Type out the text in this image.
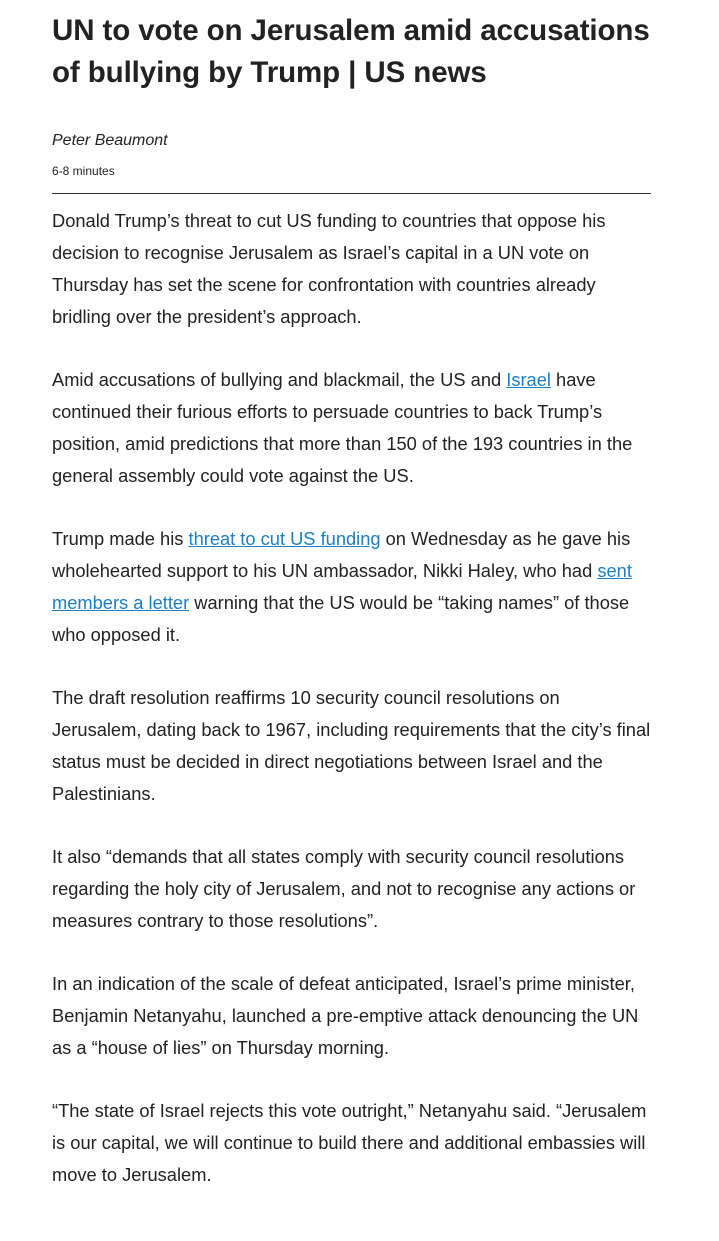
UN to vote on Jerusalem amid accusations of bullying by Trump | US news
Peter Beaumont
6-8 minutes

Donald Trump’s threat to cut US funding to countries that oppose his decision to recognise Jerusalem as Israel’s capital in a UN vote on Thursday has set the scene for confrontation with countries already bridling over the president’s approach.

Amid accusations of bullying and blackmail, the US and Israel have continued their furious efforts to persuade countries to back Trump’s position, amid predictions that more than 150 of the 193 countries in the general assembly could vote against the US.

Trump made his threat to cut US funding on Wednesday as he gave his wholehearted support to his UN ambassador, Nikki Haley, who had sent members a letter warning that the US would be “taking names” of those who opposed it.

The draft resolution reaffirms 10 security council resolutions on Jerusalem, dating back to 1967, including requirements that the city’s final status must be decided in direct negotiations between Israel and the Palestinians.

It also “demands that all states comply with security council resolutions regarding the holy city of Jerusalem, and not to recognise any actions or measures contrary to those resolutions”.

In an indication of the scale of defeat anticipated, Israel’s prime minister, Benjamin Netanyahu, launched a pre-emptive attack denouncing the UN as a “house of lies” on Thursday morning.

“The state of Israel rejects this vote outright,” Netanyahu said. “Jerusalem is our capital, we will continue to build there and additional embassies will move to Jerusalem.
